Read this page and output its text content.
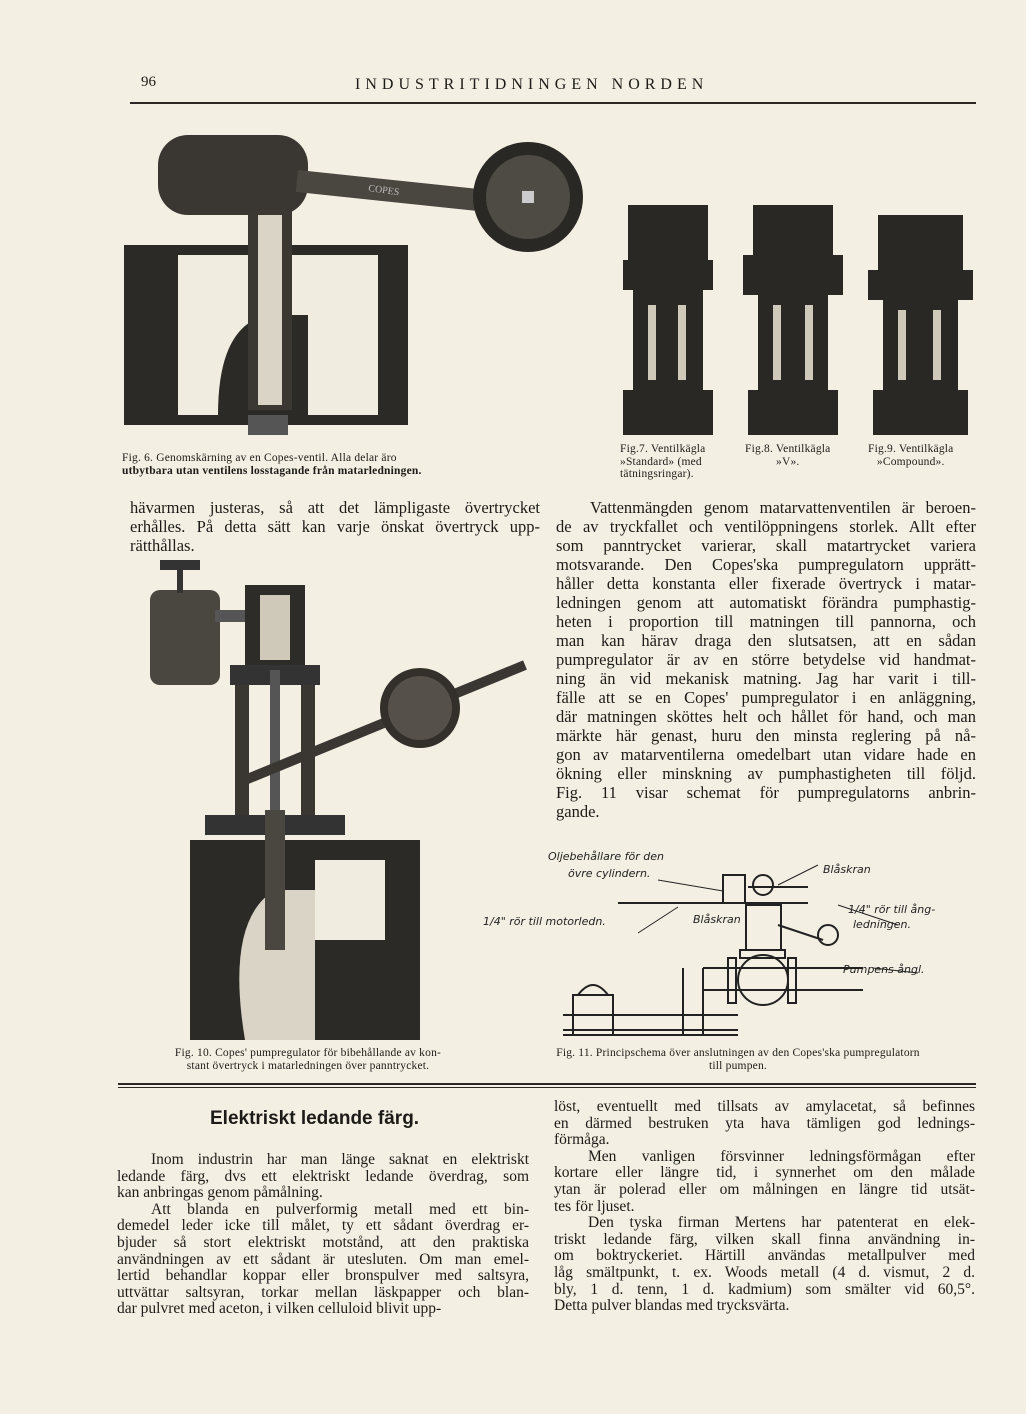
96	INDUSTRITIDNINGEN NORDEN
COPES
Fig. 6. Genomskärning av en Copes-ventil. Alla delar äro
utbytbara utan ventilens losstagande från matarledningen.
Fig.7. Ventilkägla
»Standard» (med
tätningsringar).
Fig.8. Ventilkägla
»V».
Fig.9. Ventilkägla
»Compound».
hävarmen justeras, så att det lämpligaste övertrycket
erhålles. På detta sätt kan varje önskat övertryck upp-
rätthållas.
Vattenmängden genom matarvattenventilen är beroen-
de av tryckfallet och ventilöppningens storlek. Allt efter
som panntrycket varierar, skall matartrycket variera
motsvarande. Den Copes'ska pumpregulatorn upprätt-
håller detta konstanta eller fixerade övertryck i matar-
ledningen genom att automatiskt förändra pumphastig-
heten i proportion till matningen till pannorna, och
man kan härav draga den slutsatsen, att en sådan
pumpregulator är av en större betydelse vid handmat-
ning än vid mekanisk matning. Jag har varit i till-
fälle att se en Copes' pumpregulator i en anläggning,
där matningen sköttes helt och hållet för hand, och man
märkte här genast, huru den minsta reglering på nå-
gon av matarventilerna omedelbart utan vidare hade en
ökning eller minskning av pumphastigheten till följd.
Fig. 11 visar schemat för pumpregulatorns anbrin-
gande.
Oljebehållare för den
övre cylindern.	Blåskran
1/4" rör till motorledn.	Blåskran
1/4" rör till ång-
ledningen.
Pumpens ångl.
Fig. 10. Copes' pumpregulator för bibehållande av kon-
stant övertryck i matarledningen över panntrycket.
Fig. 11. Principschema över anslutningen av den Copes'ska pumpregulatorn
till pumpen.
Elektriskt ledande färg.
Inom industrin har man länge saknat en elektriskt
ledande färg, dvs ett elektriskt ledande överdrag, som
kan anbringas genom påmålning.
Att blanda en pulverformig metall med ett bin-
demedel leder icke till målet, ty ett sådant överdrag er-
bjuder så stort elektriskt motstånd, att den praktiska
användningen av ett sådant är utesluten. Om man emel-
lertid behandlar koppar eller bronspulver med saltsyra,
uttvättar saltsyran, torkar mellan läskpapper och blan-
dar pulvret med aceton, i vilken celluloid blivit upp-
löst, eventuellt med tillsats av amylacetat, så befinnes
en därmed bestruken yta hava tämligen god lednings-
förmåga.
Men vanligen försvinner ledningsförmågan efter
kortare eller längre tid, i synnerhet om den målade
ytan är polerad eller om målningen en längre tid utsät-
tes för ljuset.
Den tyska firman Mertens har patenterat en elek-
triskt ledande färg, vilken skall finna användning in-
om boktryckeriet. Härtill användas metallpulver med
låg smältpunkt, t. ex. Woods metall (4 d. vismut, 2 d.
bly, 1 d. tenn, 1 d. kadmium) som smälter vid 60,5°.
Detta pulver blandas med trycksvärta.
